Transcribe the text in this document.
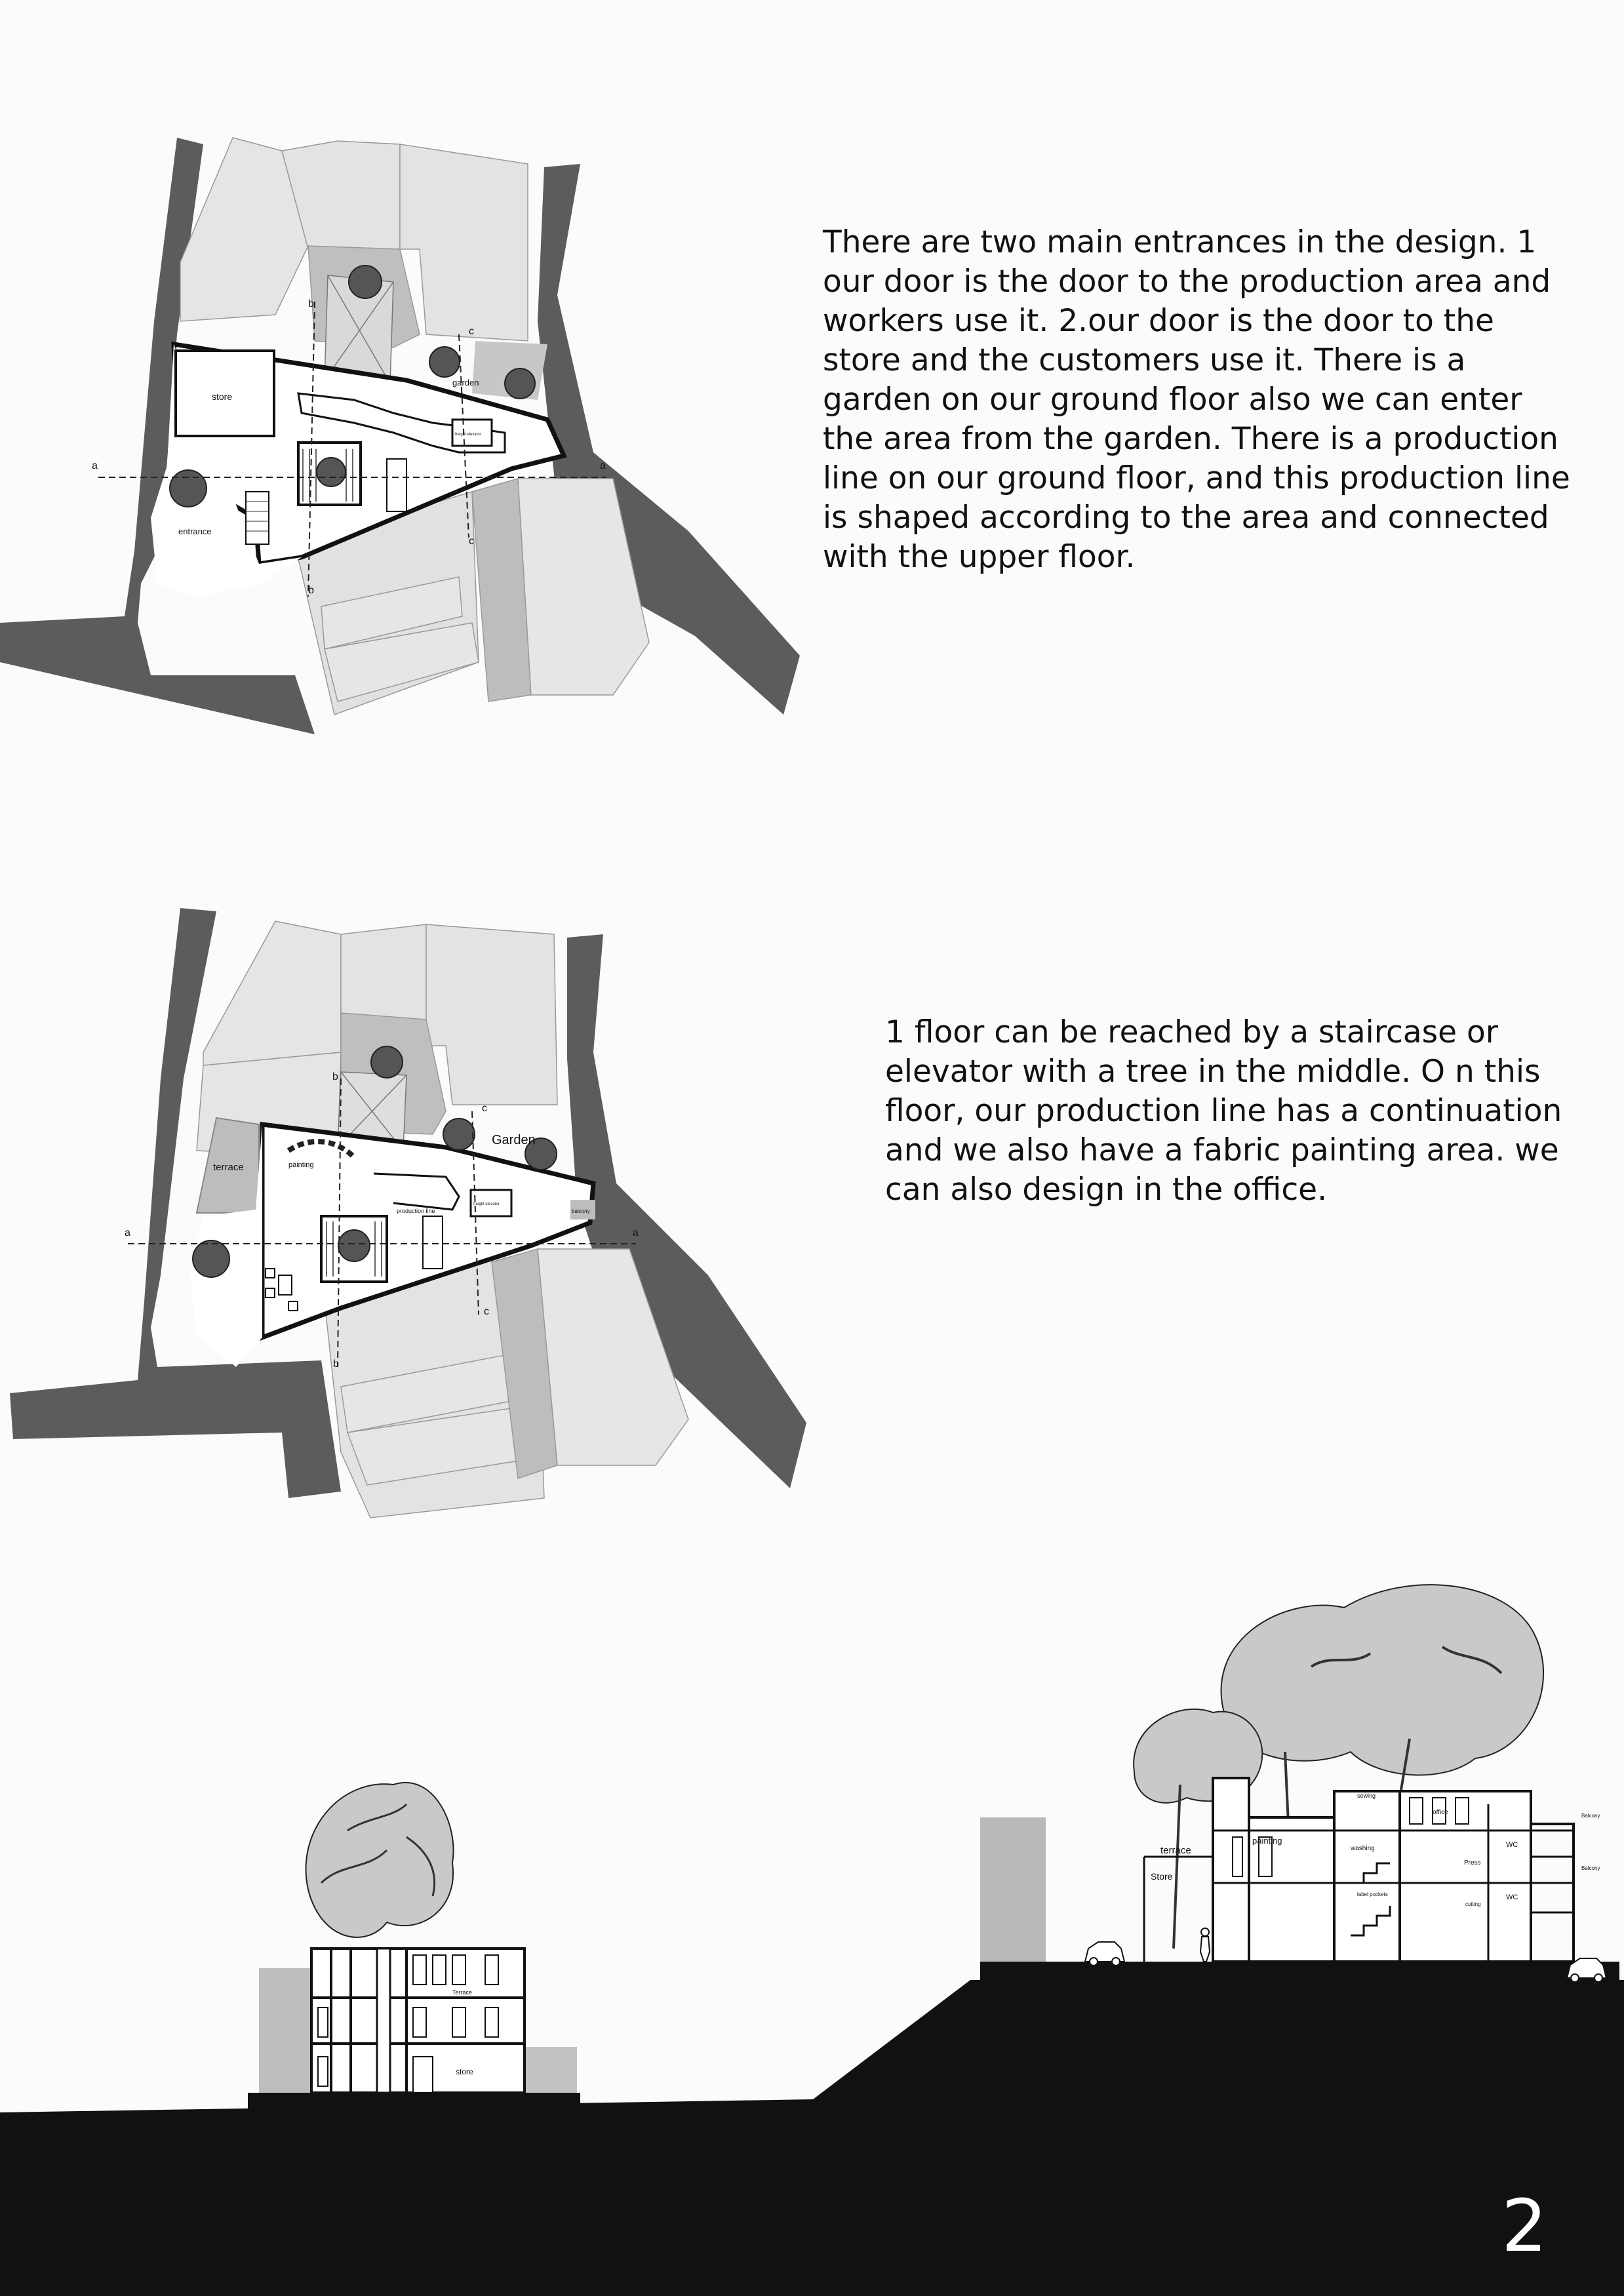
store
entrance
freight elevator
garden
a	a
b
b
c
c

There are two main entrances in the design. 1 our door is the door to the production area and workers use it. 2.our door is the door to the store and the customers use it. There is a garden on our ground floor also we can enter the area from the garden. There is a production line on our ground floor, and this production line is shaped according to the area and connected with the upper floor.

terrace	painting
production line
freight elevator
balcony
Garden
a	a
b
b
c
c

1 floor can be reached by a staircase or elevator with a tree in the middle. O n this floor, our production line has a continuation and we also have a fabric painting area. we can also design in the office.

Terrace
store
terrace
Store
painting
washing
sewing
office
Press
WC
WC
Balcony
Balcony
cutting
label pockets
2
